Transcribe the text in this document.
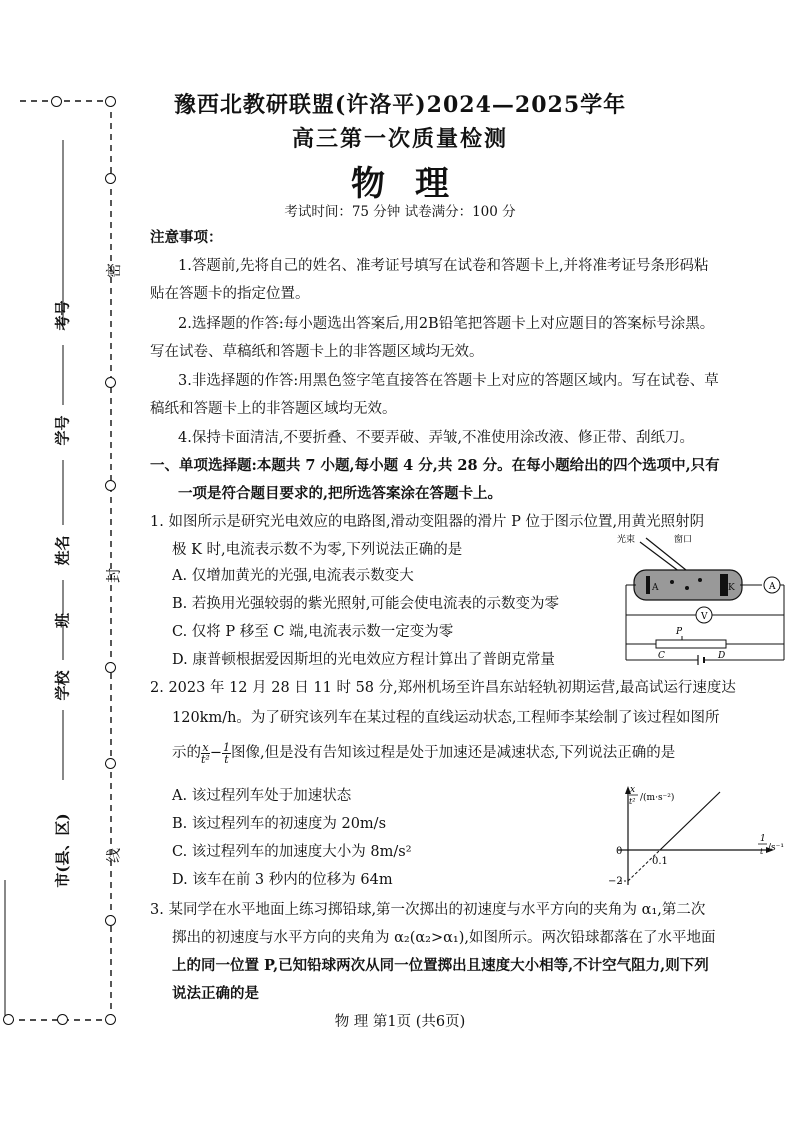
考号
学号
姓名
班
学校
市(县、区)
密
封
线
豫西北教研联盟(许洛平)2024—2025学年
高三第一次质量检测
物理
考试时间：75 分钟 试卷满分：100 分
注意事项：
1.答题前,先将自己的姓名、准考证号填写在试卷和答题卡上,并将准考证号条形码粘
贴在答题卡的指定位置。
2.选择题的作答:每小题选出答案后,用2B铅笔把答题卡上对应题目的答案标号涂黑。
写在试卷、草稿纸和答题卡上的非答题区域均无效。
3.非选择题的作答:用黑色签字笔直接答在答题卡上对应的答题区域内。写在试卷、草
稿纸和答题卡上的非答题区域均无效。
4.保持卡面清洁,不要折叠、不要弄破、弄皱,不准使用涂改液、修正带、刮纸刀。
一、单项选择题:本题共 7 小题,每小题 4 分,共 28 分。在每小题给出的四个选项中,只有
一项是符合题目要求的,把所选答案涂在答题卡上。
1. 如图所示是研究光电效应的电路图,滑动变阻器的滑片 P 位于图示位置,用黄光照射阴
极 K 时,电流表示数不为零,下列说法正确的是
A. 仅增加黄光的光强,电流表示数变大
B. 若换用光强较弱的紫光照射,可能会使电流表的示数变为零
C. 仅将 P 移至 C 端,电流表示数一定变为零
D. 康普顿根据爱因斯坦的光电效应方程计算出了普朗克常量
光束	窗口
A	K	A
V
P
C	D
2. 2023 年 12 月 28 日 11 时 58 分,郑州机场至许昌东站轻轨初期运营,最高试运行速度达
120km/h。为了研究该列车在某过程的直线运动状态,工程师李某绘制了该过程如图所
示的 $\frac{x}{\text{t²}} - \frac{1}{t}$ 图像,但是没有告知该过程是处于加速还是减速状态,下列说法正确的是
A. 该过程列车处于加速状态
B. 该过程列车的初速度为 20m/s
C. 该过程列车的加速度大小为 8m/s²
D. 该车在前 3 秒内的位移为 64m
x
t² /(m·s⁻²)
1
t /s⁻¹
0
0.1
−2
3. 某同学在水平地面上练习掷铅球,第一次掷出的初速度与水平方向的夹角为 α₁,第二次
掷出的初速度与水平方向的夹角为 α₂(α₂>α₁),如图所示。两次铅球都落在了水平地面
上的同一位置 P,已知铅球两次从同一位置掷出且速度大小相等,不计空气阻力,则下列
说法正确的是
物 理 第1页 (共6页)
